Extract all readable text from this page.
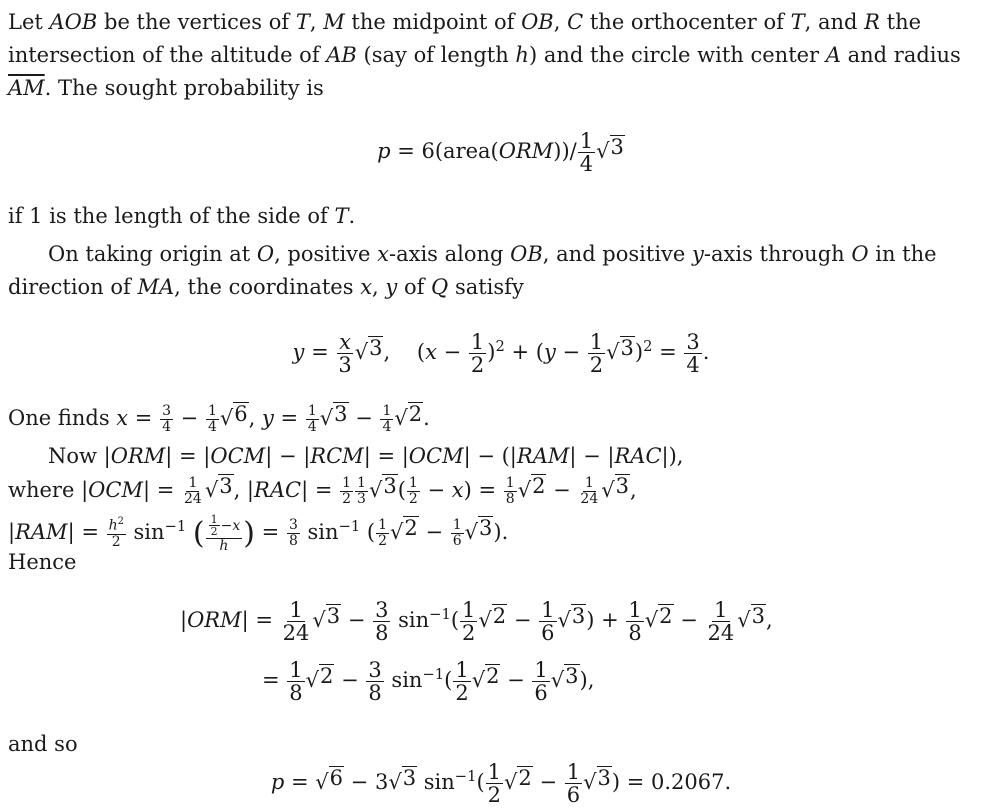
Let AOB be the vertices of T, M the midpoint of OB, C the orthocenter of T, and R the intersection of the altitude of AB (say of length h) and the circle with center A and radius $\overline{AM}$. The sought probability is

p = 6(area(ORM))/ $\frac{1}{4}$ √ 3

if 1 is the length of the side of T.

On taking origin at O, positive x-axis along OB, and positive y-axis through O in the direction of MA, the coordinates x, y of Q satisfy

$y = \frac{x}{3}$ √ 3 ,    $(x - \frac{1}{2} )^2 + (y - \frac{1}{2}$ √ 3 )$^2 = \frac{3}{4}$ .

One finds $x = \frac{3}{4} - \frac{1}{4}$ √ 6 , $y = \frac{1}{4}$ √ $3 - \frac{1}{4}$ √ 2 .

Now |ORM| = |OCM| − |RCM| = |OCM| − (|RAM| − |RAC|),

where $|OCM| = \frac{1}{24}$ √ 3 , $|RAC| = \frac{1}{2} \frac{1}{3}$ √ 3 ( $\frac{1}{2} - x) = \frac{1}{8}$ √ $2 - \frac{1}{24}$ √ 3 ,

$|RAM| = \frac{h^2}{2} \sin^{-1}$ ( $\frac{\frac{1}{2} -x}{h}$ ) = $\frac{3}{8} \sin^{-1}$ ( $\frac{1}{2}$ √ $2 - \frac{1}{6}$ √ 3 ).

Hence

$|ORM| = \frac{1}{24}$ √ $3 - \frac{3}{8} \sin^{-1}( \frac{1}{2}$ √ $2 - \frac{1}{6}$ √ 3 ) + $\frac{1}{8}$ √ $2 - \frac{1}{24}$ √ 3 ,
= $\frac{1}{8}$ √ $2 - \frac{3}{8} \sin^{-1}( \frac{1}{2}$ √ $2 - \frac{1}{6}$ √ 3 ),

and so

p = √ 6 − 3 √ 3 $\sin^{-1}( \frac{1}{2}$ √ $2 - \frac{1}{6}$ √ 3 ) = 0.2067.
